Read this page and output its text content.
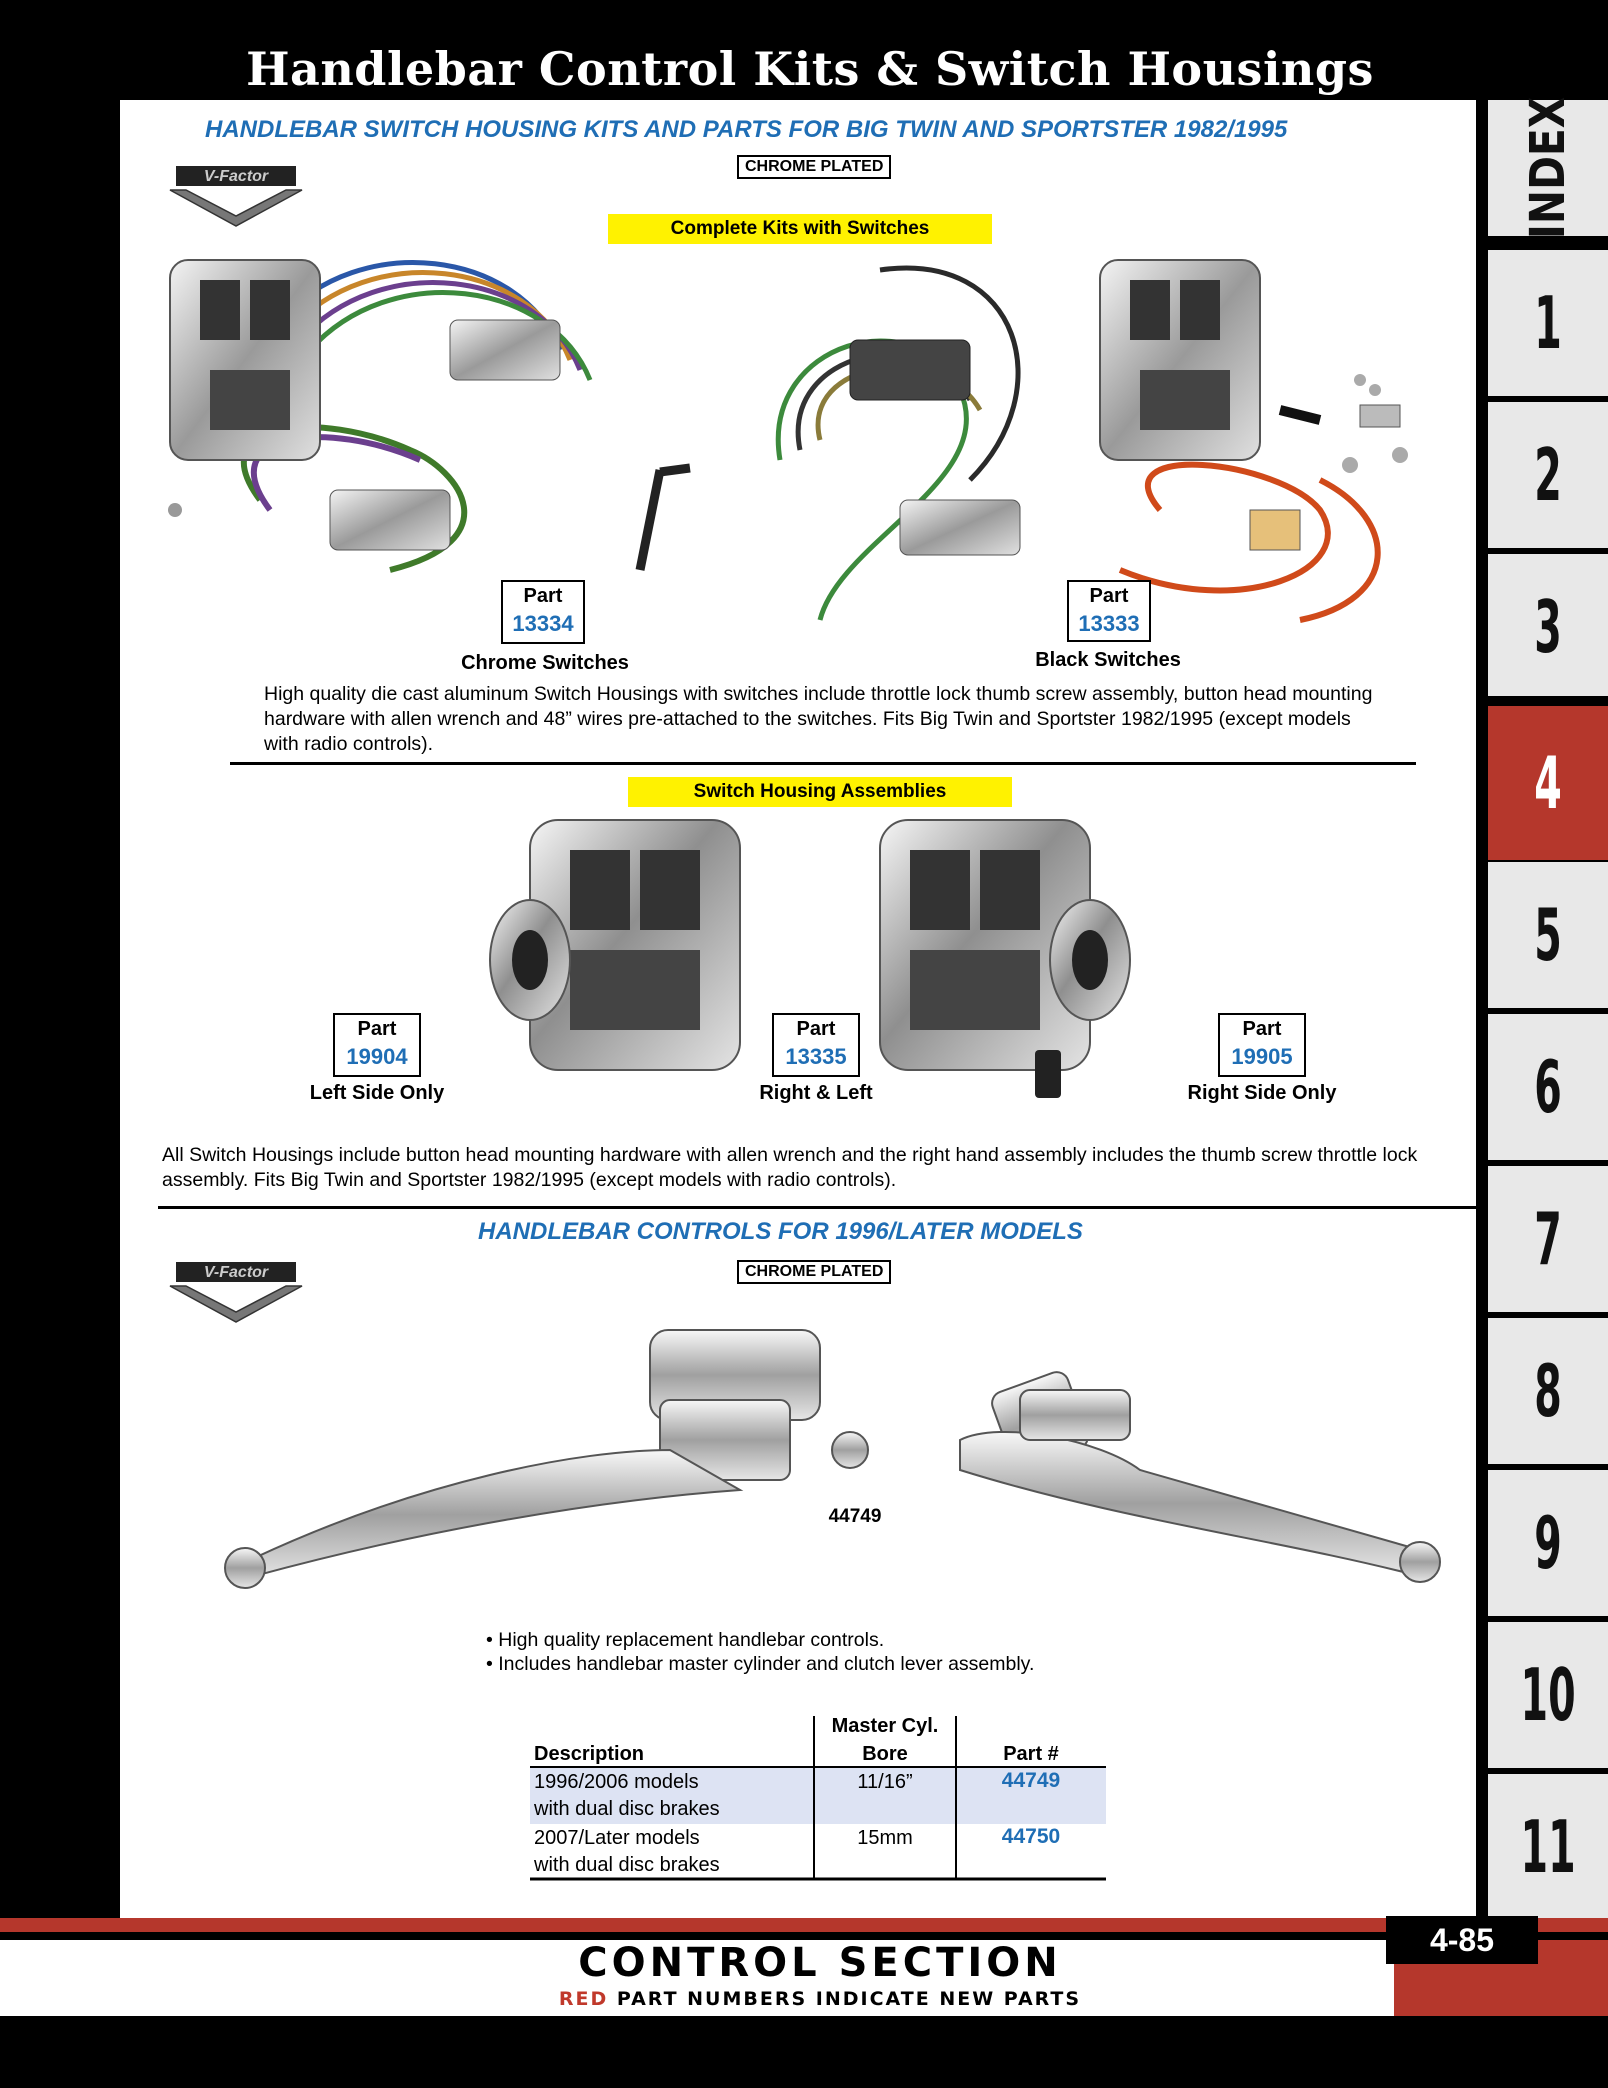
Handlebar Control Kits & Switch Housings
INDEX
1
2
3
4
5
6
7
8
9
10
11
HANDLEBAR SWITCH HOUSING KITS AND PARTS FOR BIG TWIN AND SPORTSTER 1982/1995
V-Factor
CHROME PLATED
Complete Kits with Switches
Part
13334
Chrome Switches
Part
13333
Black Switches
High quality die cast aluminum Switch Housings with switches include throttle lock thumb screw assembly, button head mounting hardware with allen wrench and 48” wires pre-attached to the switches. Fits Big Twin and Sportster 1982/1995 (except models with radio controls).
Switch Housing Assemblies
Part
19904
Left Side Only
Part
13335
Right & Left
Part
19905
Right Side Only
All Switch Housings include button head mounting hardware with allen wrench and the right hand assembly includes the thumb screw throttle lock assembly. Fits Big Twin and Sportster 1982/1995 (except models with radio controls).
HANDLEBAR CONTROLS FOR 1996/LATER MODELS
V-Factor	CHROME PLATED
44749
• High quality replacement handlebar controls.
• Includes handlebar master cylinder and clutch lever assembly.
Description
Master Cyl.
Bore	Part #
1996/2006 models
with dual disc brakes
11/16”	44749
2007/Later models
with dual disc brakes
15mm	44750
CONTROL SECTION
RED PART NUMBERS INDICATE NEW PARTS
4-85
